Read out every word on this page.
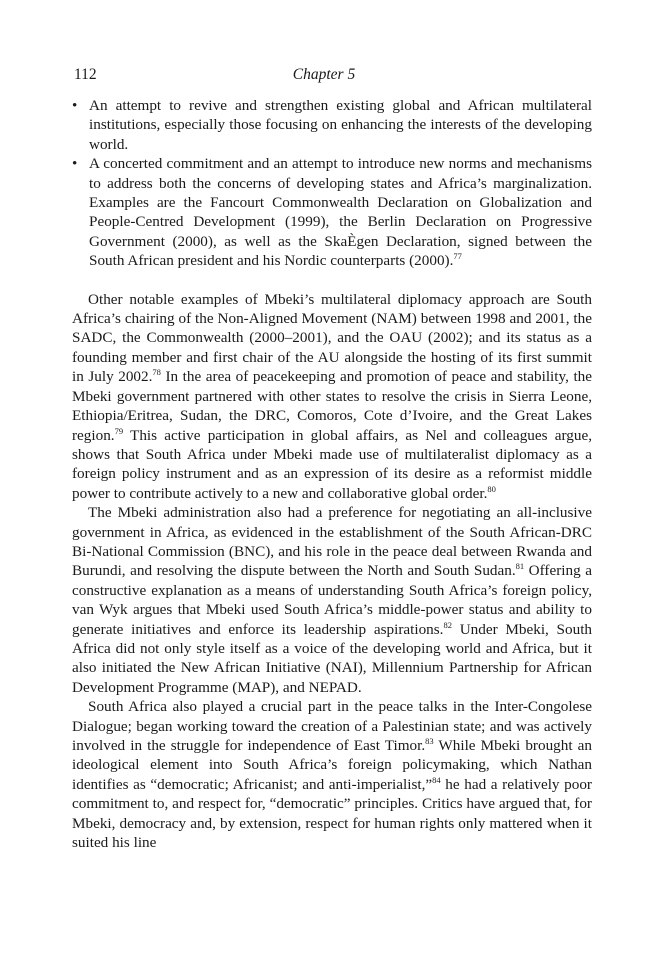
112	Chapter 5
• An attempt to revive and strengthen existing global and African multilateral institutions, especially those focusing on enhancing the interests of the developing world.
• A concerted commitment and an attempt to introduce new norms and mechanisms to address both the concerns of developing states and Africa’s marginalization. Examples are the Fancourt Commonwealth Declaration on Globalization and People-Centred Development (1999), the Berlin Declaration on Progressive Government (2000), as well as the SkaÈgen Declaration, signed between the South African president and his Nordic counterparts (2000).$^{77}$

Other notable examples of Mbeki’s multilateral diplomacy approach are South Africa’s chairing of the Non-Aligned Movement (NAM) between 1998 and 2001, the SADC, the Commonwealth (2000–2001), and the OAU (2002); and its status as a founding member and first chair of the AU alongside the hosting of its first summit in July 2002.78 In the area of peacekeeping and promotion of peace and stability, the Mbeki government partnered with other states to resolve the crisis in Sierra Leone, Ethiopia/Eritrea, Sudan, the DRC, Comoros, Cote d’Ivoire, and the Great Lakes region.$^{79}$ This active participation in global affairs, as Nel and colleagues argue, shows that South Africa under Mbeki made use of multilateralist diplomacy as a foreign policy instrument and as an expression of its desire as a reformist middle power to contribute actively to a new and collaborative global order.$^{80}$

The Mbeki administration also had a preference for negotiating an all-inclusive government in Africa, as evidenced in the establishment of the South African-DRC Bi-National Commission (BNC), and his role in the peace deal between Rwanda and Burundi, and resolving the dispute between the North and South Sudan.$^{81}$ Offering a constructive explanation as a means of understanding South Africa’s foreign policy, van Wyk argues that Mbeki used South Africa’s middle-power status and ability to generate initiatives and enforce its leadership aspirations.$^{82}$ Under Mbeki, South Africa did not only style itself as a voice of the developing world and Africa, but it also initiated the New African Initiative (NAI), Millennium Partnership for African Development Programme (MAP), and NEPAD.

South Africa also played a crucial part in the peace talks in the Inter-Congolese Dialogue; began working toward the creation of a Palestinian state; and was actively involved in the struggle for independence of East Timor.$^{83}$ While Mbeki brought an ideological element into South Africa’s foreign policymaking, which Nathan identifies as “democratic; Africanist; and anti-imperialist,”$^{84}$ he had a relatively poor commitment to, and respect for, “democratic” principles. Critics have argued that, for Mbeki, democracy and, by extension, respect for human rights only mattered when it suited his line
